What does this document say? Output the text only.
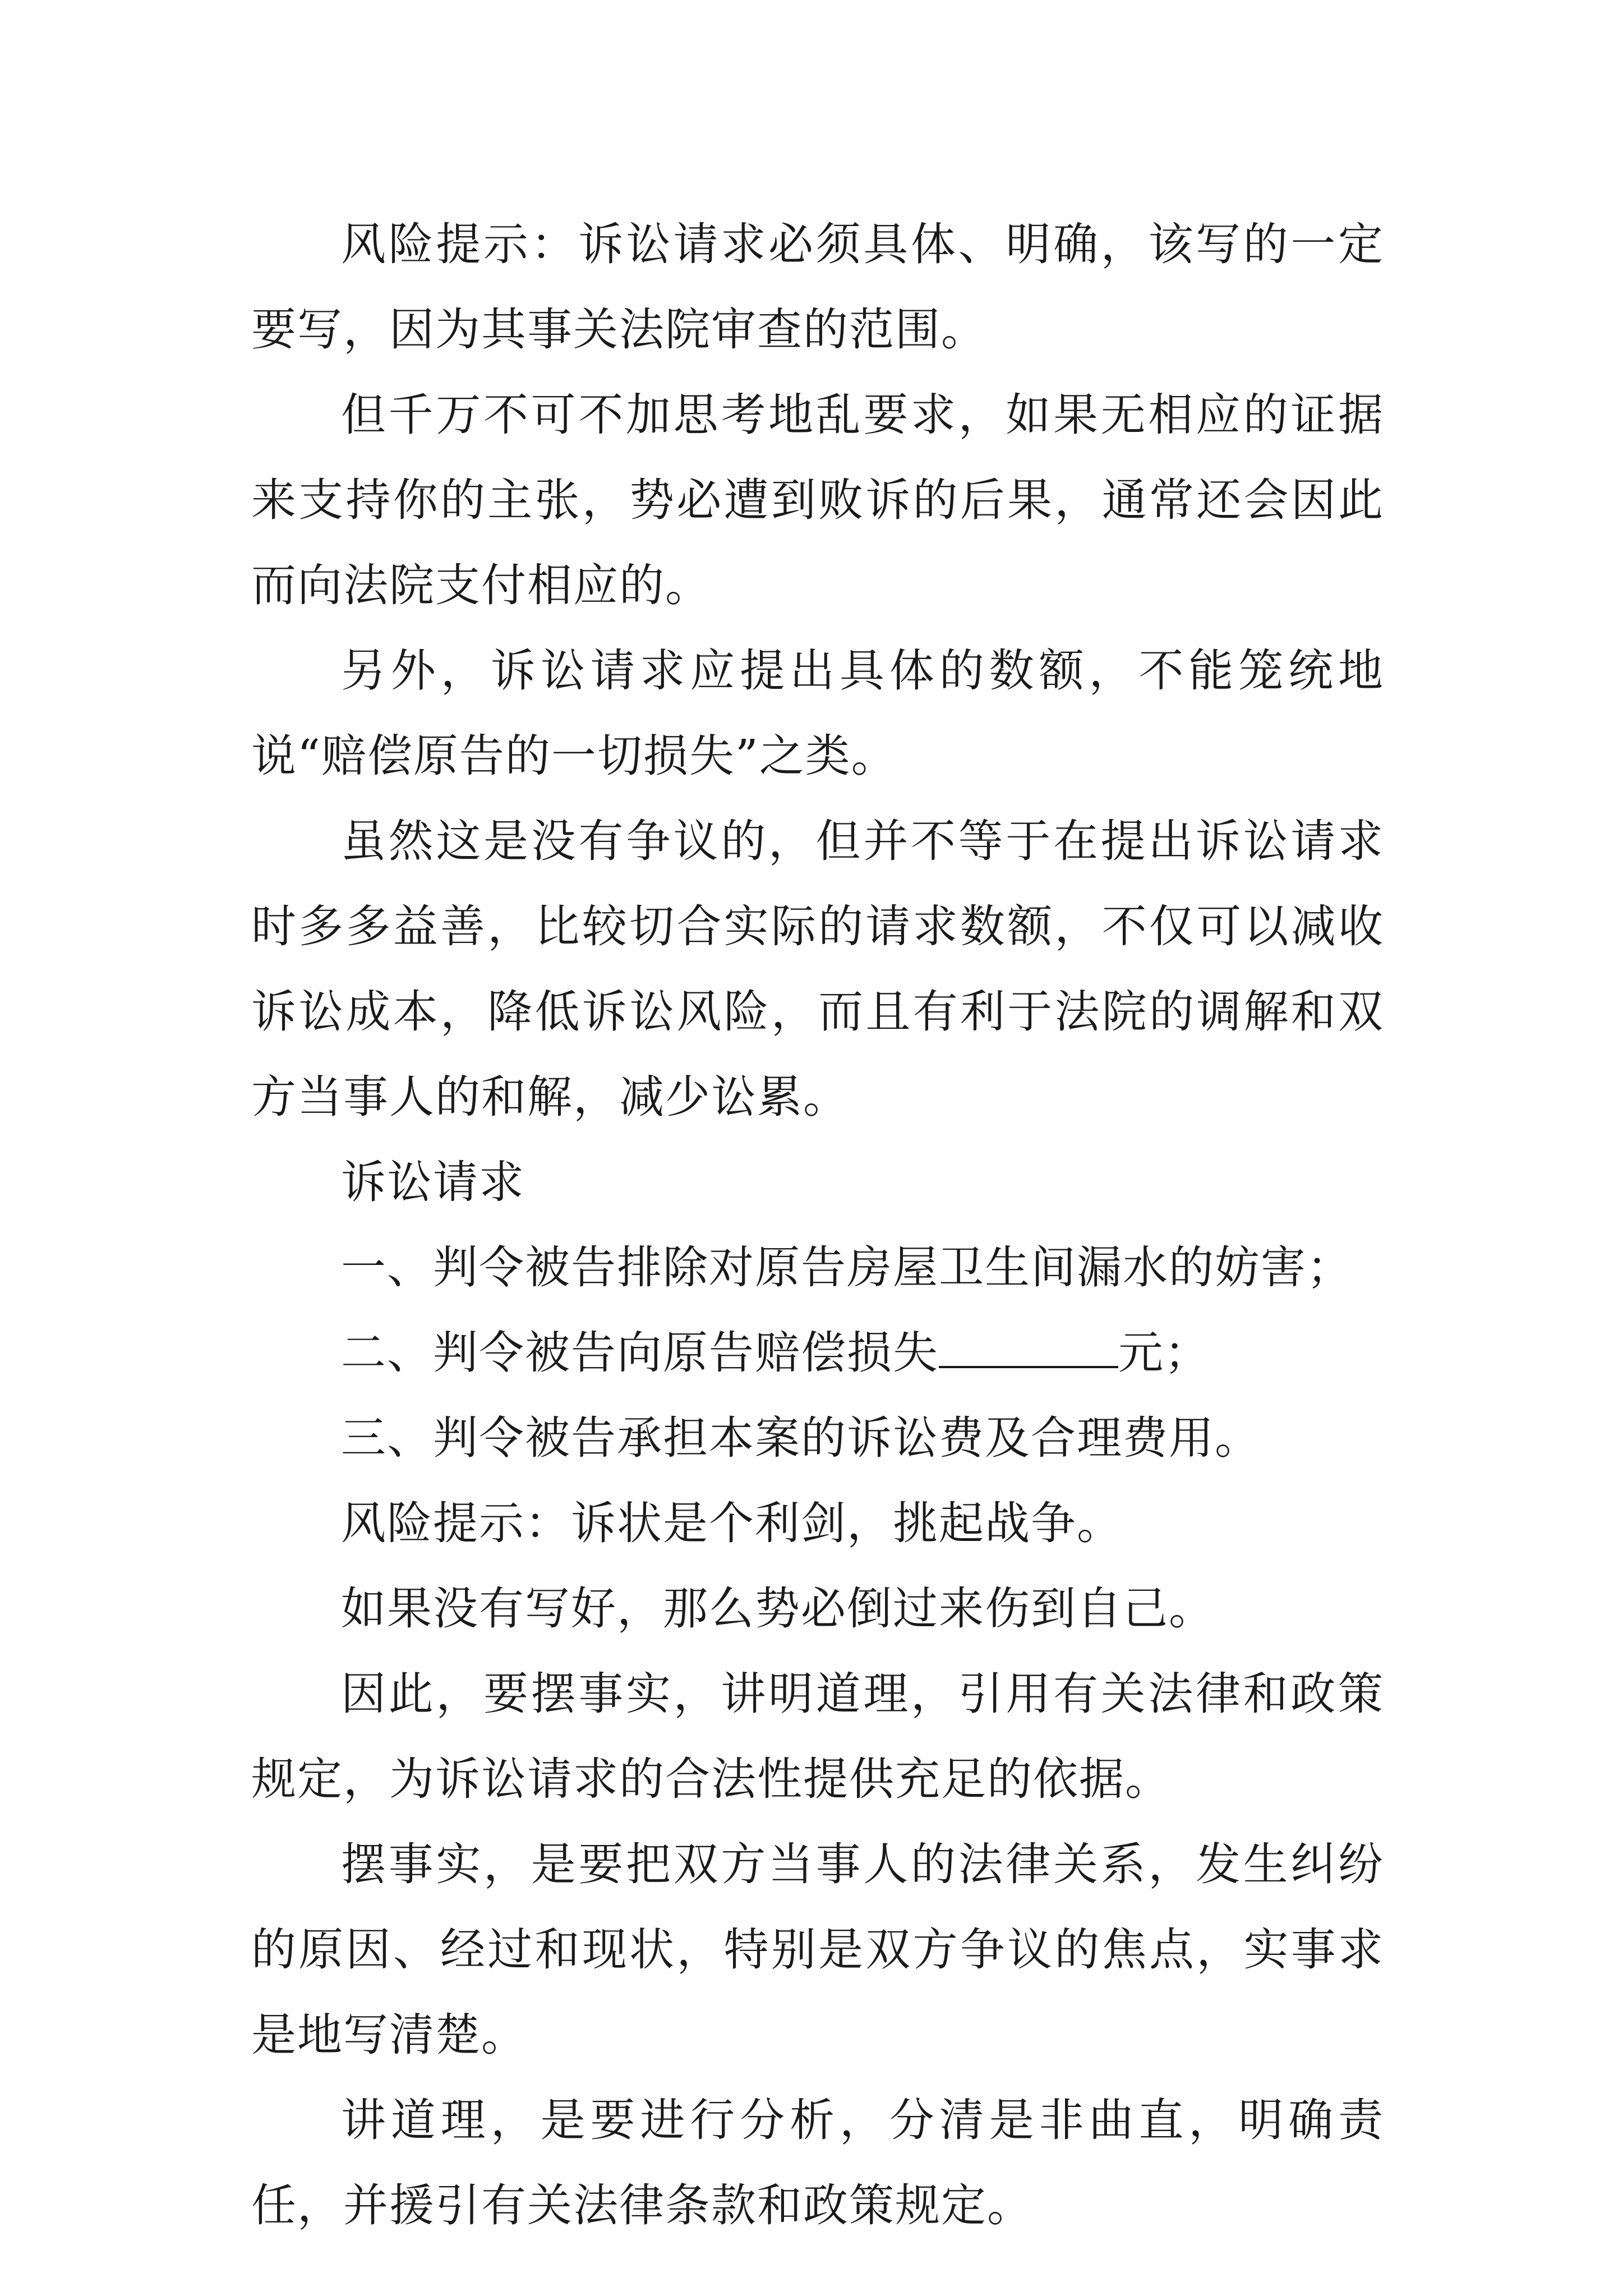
风险提示：诉讼请求必须具体、明确，该写的一定要写，因为其事关法院审查的范围。

但千万不可不加思考地乱要求，如果无相应的证据来支持你的主张，势必遭到败诉的后果，通常还会因此而向法院支付相应的。

另外，诉讼请求应提出具体的数额，不能笼统地说“赔偿原告的一切损失”之类。

虽然这是没有争议的，但并不等于在提出诉讼请求时多多益善，比较切合实际的请求数额，不仅可以减收诉讼成本，降低诉讼风险，而且有利于法院的调解和双方当事人的和解，减少讼累。

诉讼请求

一、判令被告排除对原告房屋卫生间漏水的妨害；

二、判令被告向原告赔偿损失	元；

三、判令被告承担本案的诉讼费及合理费用。

风险提示：诉状是个利剑，挑起战争。

如果没有写好，那么势必倒过来伤到自己。

因此，要摆事实，讲明道理，引用有关法律和政策规定，为诉讼请求的合法性提供充足的依据。

摆事实，是要把双方当事人的法律关系，发生纠纷的原因、经过和现状，特别是双方争议的焦点，实事求是地写清楚。

讲道理，是要进行分析，分清是非曲直，明确责任，并援引有关法律条款和政策规定。
